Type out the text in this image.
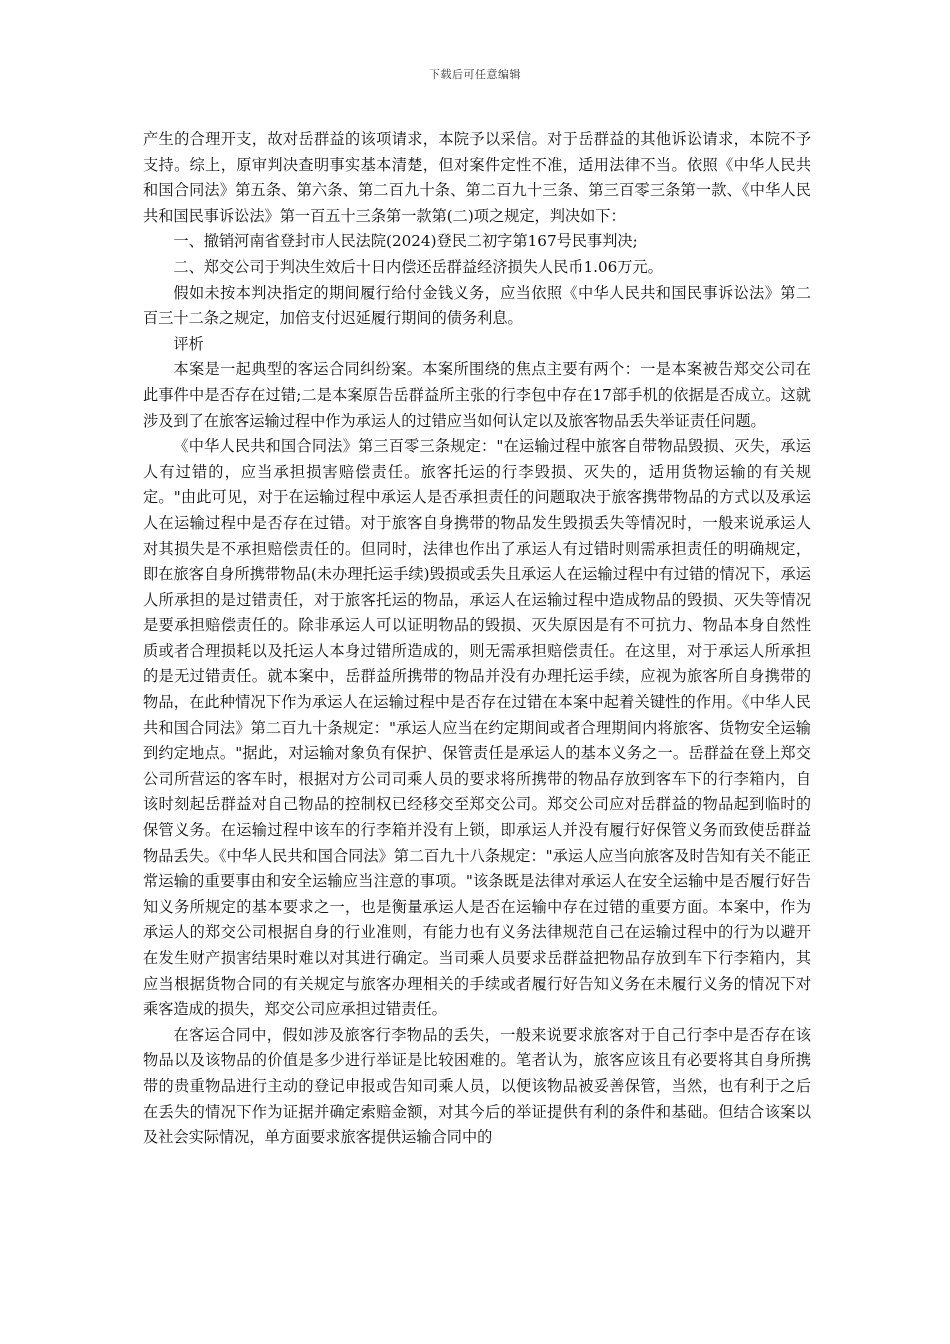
下载后可任意编辑

产生的合理开支，故对岳群益的该项请求，本院予以采信。对于岳群益的其他诉讼请求，本院不予支持。综上，原审判决查明事实基本清楚，但对案件定性不准，适用法律不当。依照《中华人民共和国合同法》第五条、第六条、第二百九十条、第二百九十三条、第三百零三条第一款、《中华人民共和国民事诉讼法》第一百五十三条第一款第(二)项之规定，判决如下：

一、撤销河南省登封市人民法院(2024)登民二初字第167号民事判决;

二、郑交公司于判决生效后十日内偿还岳群益经济损失人民币1.06万元。

假如未按本判决指定的期间履行给付金钱义务，应当依照《中华人民共和国民事诉讼法》第二百三十二条之规定，加倍支付迟延履行期间的债务利息。

评析

本案是一起典型的客运合同纠纷案。本案所围绕的焦点主要有两个：一是本案被告郑交公司在此事件中是否存在过错;二是本案原告岳群益所主张的行李包中存在17部手机的依据是否成立。这就涉及到了在旅客运输过程中作为承运人的过错应当如何认定以及旅客物品丢失举证责任问题。

《中华人民共和国合同法》第三百零三条规定："在运输过程中旅客自带物品毁损、灭失，承运人有过错的，应当承担损害赔偿责任。旅客托运的行李毁损、灭失的，适用货物运输的有关规定。"由此可见，对于在运输过程中承运人是否承担责任的问题取决于旅客携带物品的方式以及承运人在运输过程中是否存在过错。对于旅客自身携带的物品发生毁损丢失等情况时，一般来说承运人对其损失是不承担赔偿责任的。但同时，法律也作出了承运人有过错时则需承担责任的明确规定，即在旅客自身所携带物品(未办理托运手续)毁损或丢失且承运人在运输过程中有过错的情况下，承运人所承担的是过错责任，对于旅客托运的物品，承运人在运输过程中造成物品的毁损、灭失等情况是要承担赔偿责任的。除非承运人可以证明物品的毁损、灭失原因是有不可抗力、物品本身自然性质或者合理损耗以及托运人本身过错所造成的，则无需承担赔偿责任。在这里，对于承运人所承担的是无过错责任。就本案中，岳群益所携带的物品并没有办理托运手续，应视为旅客所自身携带的物品，在此种情况下作为承运人在运输过程中是否存在过错在本案中起着关键性的作用。《中华人民共和国合同法》第二百九十条规定："承运人应当在约定期间或者合理期间内将旅客、货物安全运输到约定地点。"据此，对运输对象负有保护、保管责任是承运人的基本义务之一。岳群益在登上郑交公司所营运的客车时，根据对方公司司乘人员的要求将所携带的物品存放到客车下的行李箱内，自该时刻起岳群益对自己物品的控制权已经移交至郑交公司。郑交公司应对岳群益的物品起到临时的保管义务。在运输过程中该车的行李箱并没有上锁，即承运人并没有履行好保管义务而致使岳群益物品丢失。《中华人民共和国合同法》第二百九十八条规定："承运人应当向旅客及时告知有关不能正常运输的重要事由和安全运输应当注意的事项。"该条既是法律对承运人在安全运输中是否履行好告知义务所规定的基本要求之一，也是衡量承运人是否在运输中存在过错的重要方面。本案中，作为承运人的郑交公司根据自身的行业准则，有能力也有义务法律规范自己在运输过程中的行为以避开在发生财产损害结果时难以对其进行确定。当司乘人员要求岳群益把物品存放到车下行李箱内，其应当根据货物合同的有关规定与旅客办理相关的手续或者履行好告知义务在未履行义务的情况下对乘客造成的损失，郑交公司应承担过错责任。

在客运合同中，假如涉及旅客行李物品的丢失，一般来说要求旅客对于自己行李中是否存在该物品以及该物品的价值是多少进行举证是比较困难的。笔者认为，旅客应该且有必要将其自身所携带的贵重物品进行主动的登记申报或告知司乘人员，以便该物品被妥善保管，当然，也有利于之后在丢失的情况下作为证据并确定索赔金额，对其今后的举证提供有利的条件和基础。但结合该案以及社会实际情况，单方面要求旅客提供运输合同中的
